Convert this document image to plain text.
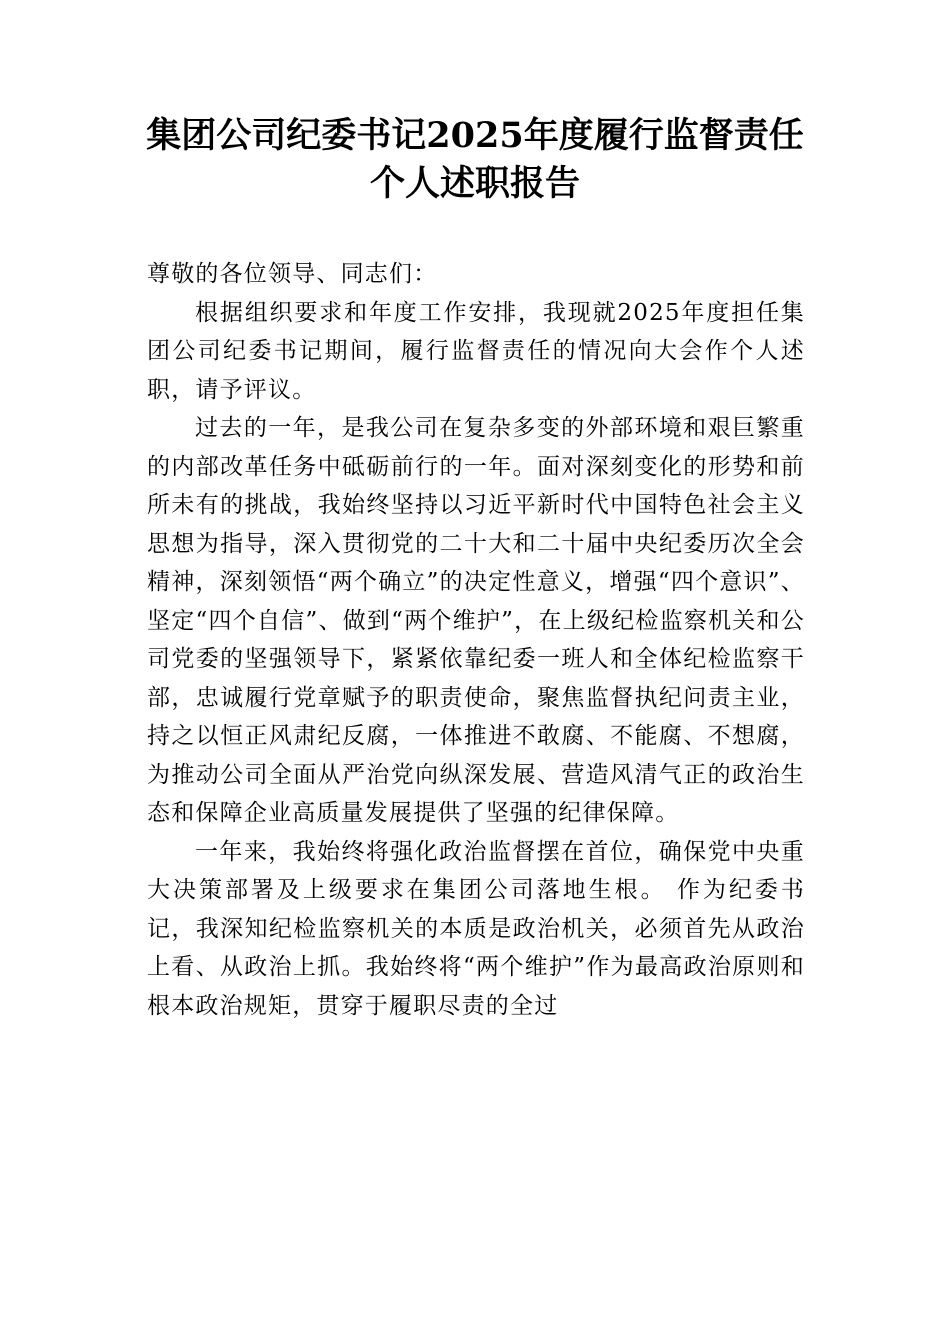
集团公司纪委书记2025年度履行监督责任
个人述职报告

尊敬的各位领导、同志们：

根据组织要求和年度工作安排，我现就2025年度担任集团公司纪委书记期间，履行监督责任的情况向大会作个人述职，请予评议。

过去的一年，是我公司在复杂多变的外部环境和艰巨繁重的内部改革任务中砥砺前行的一年。面对深刻变化的形势和前所未有的挑战，我始终坚持以习近平新时代中国特色社会主义思想为指导，深入贯彻党的二十大和二十届中央纪委历次全会精神，深刻领悟“两个确立”的决定性意义，增强“四个意识”、坚定“四个自信”、做到“两个维护”，在上级纪检监察机关和公司党委的坚强领导下，紧紧依靠纪委一班人和全体纪检监察干部，忠诚履行党章赋予的职责使命，聚焦监督执纪问责主业，持之以恒正风肃纪反腐，一体推进不敢腐、不能腐、不想腐，为推动公司全面从严治党向纵深发展、营造风清气正的政治生态和保障企业高质量发展提供了坚强的纪律保障。

一年来，我始终将强化政治监督摆在首位，确保党中央重大决策部署及上级要求在集团公司落地生根。 作为纪委书记，我深知纪检监察机关的本质是政治机关，必须首先从政治上看、从政治上抓。我始终将“两个维护”作为最高政治原则和根本政治规矩，贯穿于履职尽责的全过
